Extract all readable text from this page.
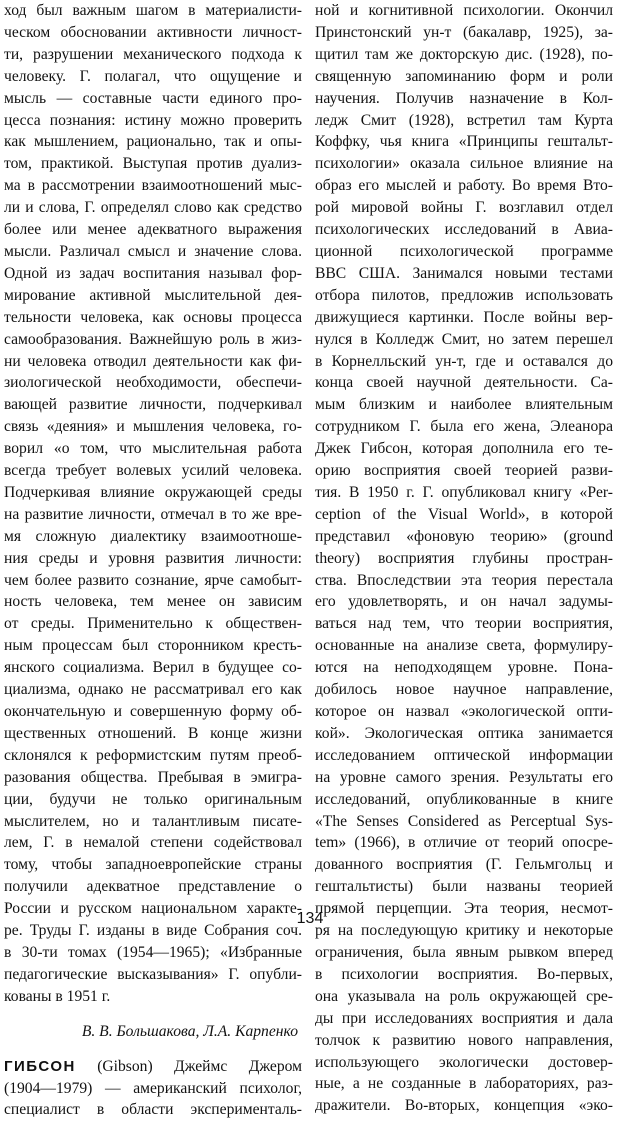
ход был важным шагом в материалисти-
ческом обосновании активности личност-
ти, разрушении механического подхода к
человеку. Г. полагал, что ощущение и
мысль — составные части единого про-
цесса познания: истину можно проверить
как мышлением, рационально, так и опы-
том, практикой. Выступая против дуализ-
ма в рассмотрении взаимоотношений мыс-
ли и слова, Г. определял слово как средство
более или менее адекватного выражения
мысли. Различал смысл и значение слова.
Одной из задач воспитания называл фор-
мирование активной мыслительной дея-
тельности человека, как основы процесса
самообразования. Важнейшую роль в жиз-
ни человека отводил деятельности как фи-
зиологической необходимости, обеспечи-
вающей развитие личности, подчеркивал
связь «деяния» и мышления человека, го-
ворил «о том, что мыслительная работа
всегда требует волевых усилий человека.
Подчеркивая влияние окружающей среды
на развитие личности, отмечал в то же вре-
мя сложную диалектику взаимоотноше-
ния среды и уровня развития личности:
чем более развито сознание, ярче самобыт-
ность человека, тем менее он зависим
от среды. Применительно к обществен-
ным процессам был сторонником кресть-
янского социализма. Верил в будущее со-
циализма, однако не рассматривал его как
окончательную и совершенную форму об-
щественных отношений. В конце жизни
склонялся к реформистским путям преоб-
разования общества. Пребывая в эмигра-
ции, будучи не только оригинальным
мыслителем, но и талантливым писате-
лем, Г. в немалой степени содействовал
тому, чтобы западноевропейские страны
получили адекватное представление о
России и русском национальном характе-
ре. Труды Г. изданы в виде Собрания соч.
в 30-ти томах (1954—1965); «Избранные
педагогические высказывания» Г. опубли-
кованы в 1951 г.
В. В. Большакова, Л.А. Карпенко
ГИБСОН (Gibson) Джеймс Джером
(1904—1979) — американский психолог,
специалист в области эксперименталь-
ной и когнитивной психологии. Окончил
Принстонский ун-т (бакалавр, 1925), за-
щитил там же докторскую дис. (1928), по-
священную запоминанию форм и роли
научения. Получив назначение в Кол-
ледж Смит (1928), встретил там Курта
Коффку, чья книга «Принципы гештальт-
психологии» оказала сильное влияние на
образ его мыслей и работу. Во время Вто-
рой мировой войны Г. возглавил отдел
психологических исследований в Авиа-
ционной психологической программе
ВВС США. Занимался новыми тестами
отбора пилотов, предложив использовать
движущиеся картинки. После войны вер-
нулся в Колледж Смит, но затем перешел
в Корнелльский ун-т, где и оставался до
конца своей научной деятельности. Са-
мым близким и наиболее влиятельным
сотрудником Г. была его жена, Элеанора
Джек Гибсон, которая дополнила его те-
орию восприятия своей теорией разви-
тия. В 1950 г. Г. опубликовал книгу «Per-
ception of the Visual World», в которой
представил «фоновую теорию» (ground
theory) восприятия глубины простран-
ства. Впоследствии эта теория перестала
его удовлетворять, и он начал задумы-
ваться над тем, что теории восприятия,
основанные на анализе света, формулиру-
ются на неподходящем уровне. Пона-
добилось новое научное направление,
которое он назвал «экологической опти-
кой». Экологическая оптика занимается
исследованием оптической информации
на уровне самого зрения. Результаты его
исследований, опубликованные в книге
«The Senses Considered as Perceptual Sys-
tem» (1966), в отличие от теорий опосре-
дованного восприятия (Г. Гельмгольц и
гештальтисты) были названы теорией
прямой перцепции. Эта теория, несмот-
ря на последующую критику и некоторые
ограничения, была явным рывком вперед
в психологии восприятия. Во-первых,
она указывала на роль окружающей сре-
ды при исследованиях восприятия и дала
толчок к развитию нового направления,
использующего экологически достовер-
ные, а не созданные в лабораториях, раз-
дражители. Во-вторых, концепция «эко-
134
